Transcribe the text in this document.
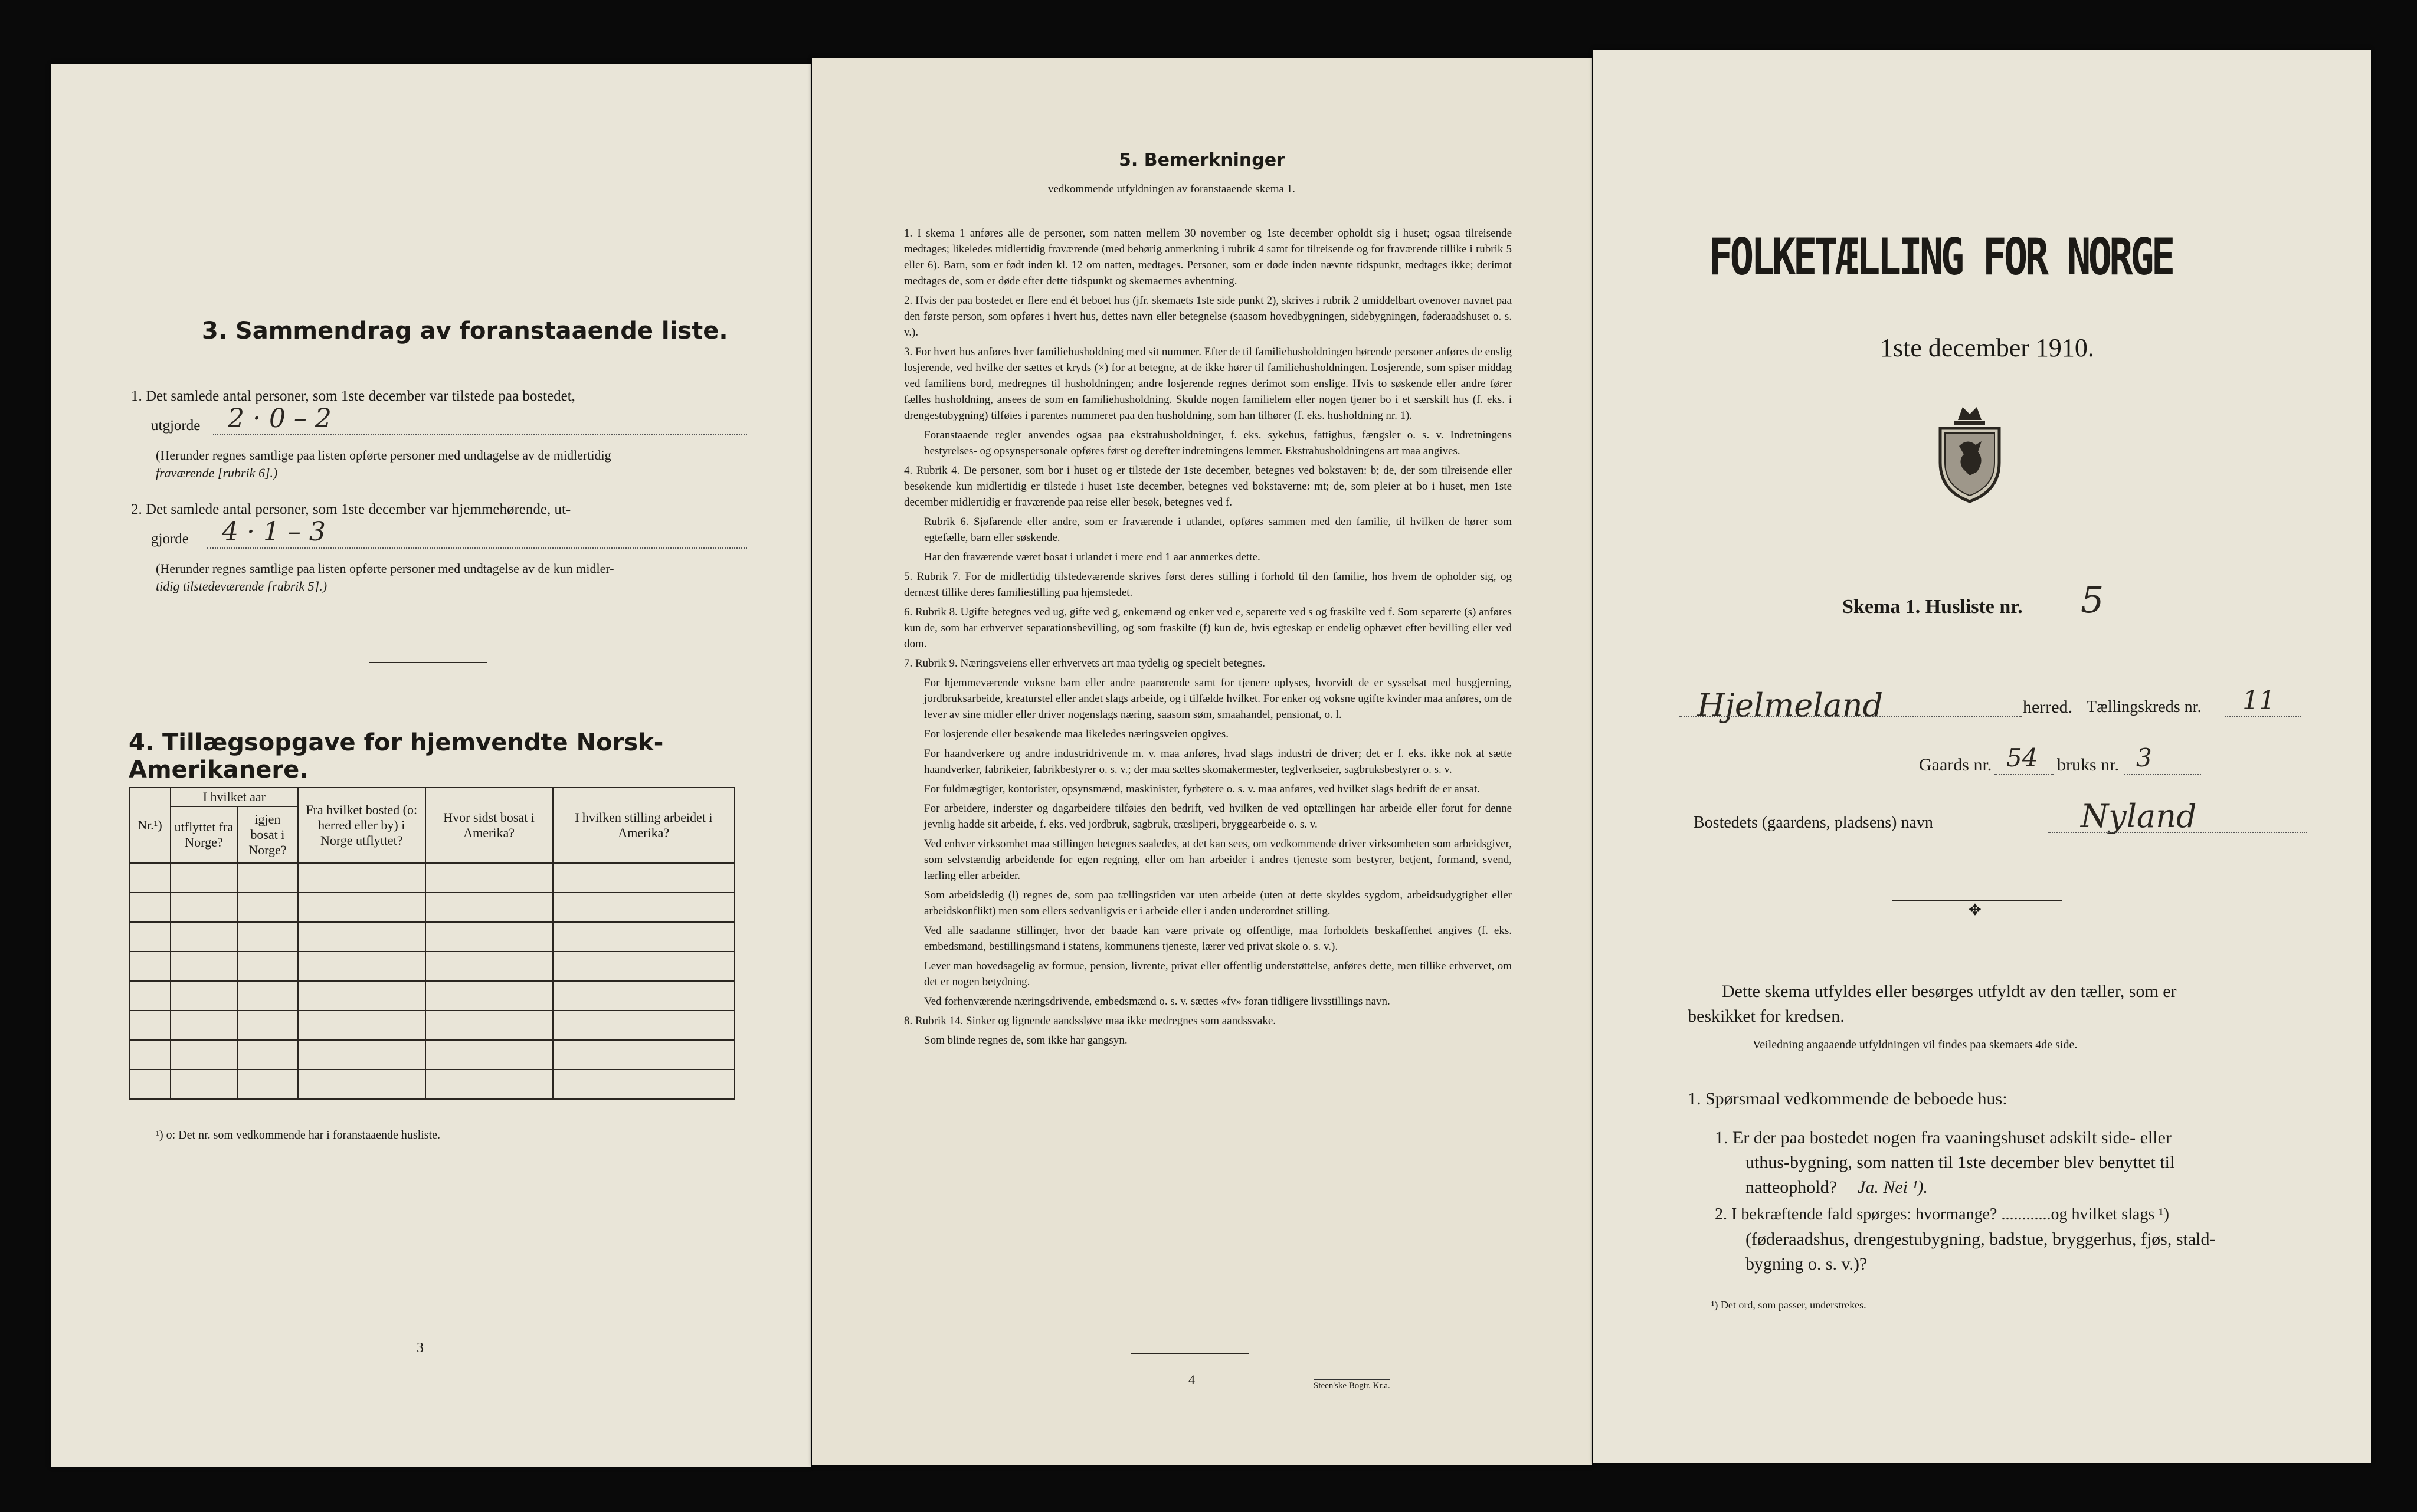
3. Sammendrag av foranstaaende liste.
1. Det samlede antal personer, som 1ste december var tilstede paa bostedet,
utgjorde 2 · 0 – 2
(Herunder regnes samtlige paa listen opførte personer med undtagelse av de midlertidig
fraværende [rubrik 6].)
2. Det samlede antal personer, som 1ste december var hjemmehørende, ut-
gjorde 4 · 1 – 3
(Herunder regnes samtlige paa listen opførte personer med undtagelse av de kun midler-
tidig tilstedeværende [rubrik 5].)
4. Tillægsopgave for hjemvendte Norsk-Amerikanere.
Nr.¹)	I hvilket aar		Fra hvilket bosted (o: herred eller by) i Norge utflyttet?	Hvor sidst bosat i Amerika?	I hvilken stilling arbeidet i Amerika?
	utflyttet fra Norge?	igjen bosat i Norge?			

¹) o: Det nr. som vedkommende har i foranstaaende husliste.
3
5. Bemerkninger
vedkommende utfyldningen av foranstaaende skema 1.

1. I skema 1 anføres alle de personer, som natten mellem 30 november og 1ste december opholdt sig i huset; ogsaa tilreisende medtages; likeledes midlertidig fraværende (med behørig anmerkning i rubrik 4 samt for tilreisende og for fraværende tillike i rubrik 5 eller 6). Barn, som er født inden kl. 12 om natten, medtages. Personer, som er døde inden nævnte tidspunkt, medtages ikke; derimot medtages de, som er døde efter dette tidspunkt og skemaernes avhentning.

2. Hvis der paa bostedet er flere end ét beboet hus (jfr. skemaets 1ste side punkt 2), skrives i rubrik 2 umiddelbart ovenover navnet paa den første person, som opføres i hvert hus, dettes navn eller betegnelse (saasom hovedbygningen, sidebygningen, føderaadshuset o. s. v.).

3. For hvert hus anføres hver familiehusholdning med sit nummer. Efter de til familiehusholdningen hørende personer anføres de enslig losjerende, ved hvilke der sættes et kryds (×) for at betegne, at de ikke hører til familiehusholdningen. Losjerende, som spiser middag ved familiens bord, medregnes til husholdningen; andre losjerende regnes derimot som enslige. Hvis to søskende eller andre fører fælles husholdning, ansees de som en familiehusholdning. Skulde nogen familielem eller nogen tjener bo i et særskilt hus (f. eks. i drengestubygning) tilføies i parentes nummeret paa den husholdning, som han tilhører (f. eks. husholdning nr. 1).

Foranstaaende regler anvendes ogsaa paa ekstrahusholdninger, f. eks. sykehus, fattighus, fængsler o. s. v. Indretningens bestyrelses- og opsynspersonale opføres først og derefter indretningens lemmer. Ekstrahusholdningens art maa angives.

4. Rubrik 4. De personer, som bor i huset og er tilstede der 1ste december, betegnes ved bokstaven: b; de, der som tilreisende eller besøkende kun midlertidig er tilstede i huset 1ste december, betegnes ved bokstaverne: mt; de, som pleier at bo i huset, men 1ste december midlertidig er fraværende paa reise eller besøk, betegnes ved f.

Rubrik 6. Sjøfarende eller andre, som er fraværende i utlandet, opføres sammen med den familie, til hvilken de hører som egtefælle, barn eller søskende.

Har den fraværende været bosat i utlandet i mere end 1 aar anmerkes dette.

5. Rubrik 7. For de midlertidig tilstedeværende skrives først deres stilling i forhold til den familie, hos hvem de opholder sig, og dernæst tillike deres familiestilling paa hjemstedet.

6. Rubrik 8. Ugifte betegnes ved ug, gifte ved g, enkemænd og enker ved e, separerte ved s og fraskilte ved f. Som separerte (s) anføres kun de, som har erhvervet separationsbevilling, og som fraskilte (f) kun de, hvis egteskap er endelig ophævet efter bevilling eller ved dom.

7. Rubrik 9. Næringsveiens eller erhvervets art maa tydelig og specielt betegnes.

For hjemmeværende voksne barn eller andre paarørende samt for tjenere oplyses, hvorvidt de er sysselsat med husgjerning, jordbruksarbeide, kreaturstel eller andet slags arbeide, og i tilfælde hvilket. For enker og voksne ugifte kvinder maa anføres, om de lever av sine midler eller driver nogenslags næring, saasom søm, smaahandel, pensionat, o. l.

For losjerende eller besøkende maa likeledes næringsveien opgives.

For haandverkere og andre industridrivende m. v. maa anføres, hvad slags industri de driver; det er f. eks. ikke nok at sætte haandverker, fabrikeier, fabrikbestyrer o. s. v.; der maa sættes skomakermester, teglverkseier, sagbruksbestyrer o. s. v.

For fuldmægtiger, kontorister, opsynsmænd, maskinister, fyrbøtere o. s. v. maa anføres, ved hvilket slags bedrift de er ansat.

For arbeidere, inderster og dagarbeidere tilføies den bedrift, ved hvilken de ved optællingen har arbeide eller forut for denne jevnlig hadde sit arbeide, f. eks. ved jordbruk, sagbruk, træsliperi, bryggearbeide o. s. v.

Ved enhver virksomhet maa stillingen betegnes saaledes, at det kan sees, om vedkommende driver virksomheten som arbeidsgiver, som selvstændig arbeidende for egen regning, eller om han arbeider i andres tjeneste som bestyrer, betjent, formand, svend, lærling eller arbeider.

Som arbeidsledig (l) regnes de, som paa tællingstiden var uten arbeide (uten at dette skyldes sygdom, arbeidsudygtighet eller arbeidskonflikt) men som ellers sedvanligvis er i arbeide eller i anden underordnet stilling.

Ved alle saadanne stillinger, hvor der baade kan være private og offentlige, maa forholdets beskaffenhet angives (f. eks. embedsmand, bestillingsmand i statens, kommunens tjeneste, lærer ved privat skole o. s. v.).

Lever man hovedsagelig av formue, pension, livrente, privat eller offentlig understøttelse, anføres dette, men tillike erhvervet, om det er nogen betydning.

Ved forhenværende næringsdrivende, embedsmænd o. s. v. sættes «fv» foran tidligere livsstillings navn.

8. Rubrik 14. Sinker og lignende aandssløve maa ikke medregnes som aandssvake.

Som blinde regnes de, som ikke har gangsyn.

4	Steen'ske Bogtr. Kr.a.
FOLKETÆLLING FOR NORGE
1ste december 1910.
Skema 1. Husliste nr. 5
Hjelmeland	herred. Tællingskreds nr. 11
Gaards nr. 54 bruks nr. 3
Bostedets (gaardens, pladsens) navn	Nyland
✥
Dette skema utfyldes eller besørges utfyldt av den tæller, som er
beskikket for kredsen.
Veiledning angaaende utfyldningen vil findes paa skemaets 4de side.
1. Spørsmaal vedkommende de beboede hus:
1. Er der paa bostedet nogen fra vaaningshuset adskilt side- eller
uthus-bygning, som natten til 1ste december blev benyttet til
natteophold? Ja. Nei ¹).
2. I bekræftende fald spørges: hvormange? ............og hvilket slags ¹)
(føderaadshus, drengestubygning, badstue, bryggerhus, fjøs, stald-
bygning o. s. v.)?
¹) Det ord, som passer, understrekes.
